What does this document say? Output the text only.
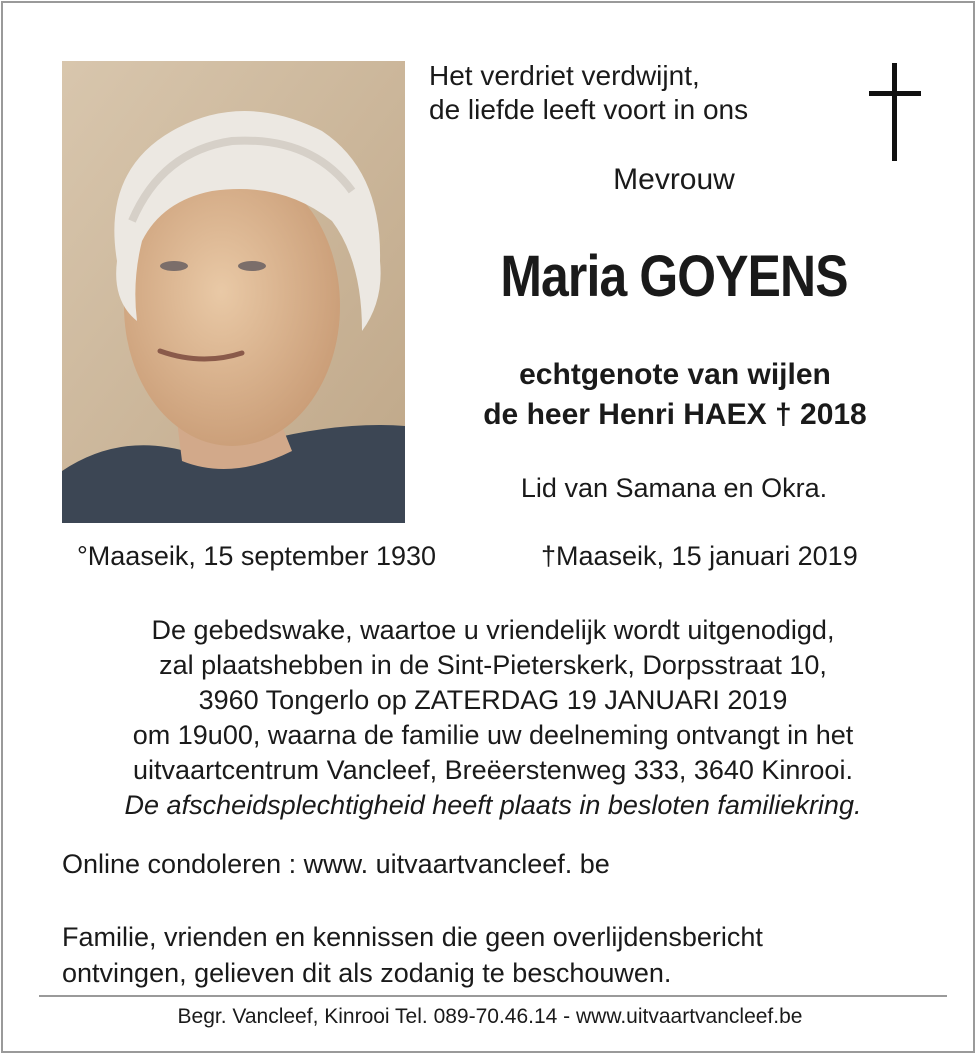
Het verdriet verdwijnt,
de liefde leeft voort in ons
Mevrouw
Maria GOYENS
echtgenote van wijlen
de heer Henri HAEX † 2018
Lid van Samana en Okra.
°Maaseik, 15 september 1930	†Maaseik, 15 januari 2019
De gebedswake, waartoe u vriendelijk wordt uitgenodigd,
zal plaatshebben in de Sint-Pieterskerk, Dorpsstraat 10,
3960 Tongerlo op ZATERDAG 19 JANUARI 2019
om 19u00, waarna de familie uw deelneming ontvangt in het
uitvaartcentrum Vancleef, Breëerstenweg 333, 3640 Kinrooi.
De afscheidsplechtigheid heeft plaats in besloten familiekring.
Online condoleren : www. uitvaartvancleef. be
Familie, vrienden en kennissen die geen overlijdensbericht
ontvingen, gelieven dit als zodanig te beschouwen.
Begr. Vancleef, Kinrooi Tel. 089-70.46.14 - www.uitvaartvancleef.be
